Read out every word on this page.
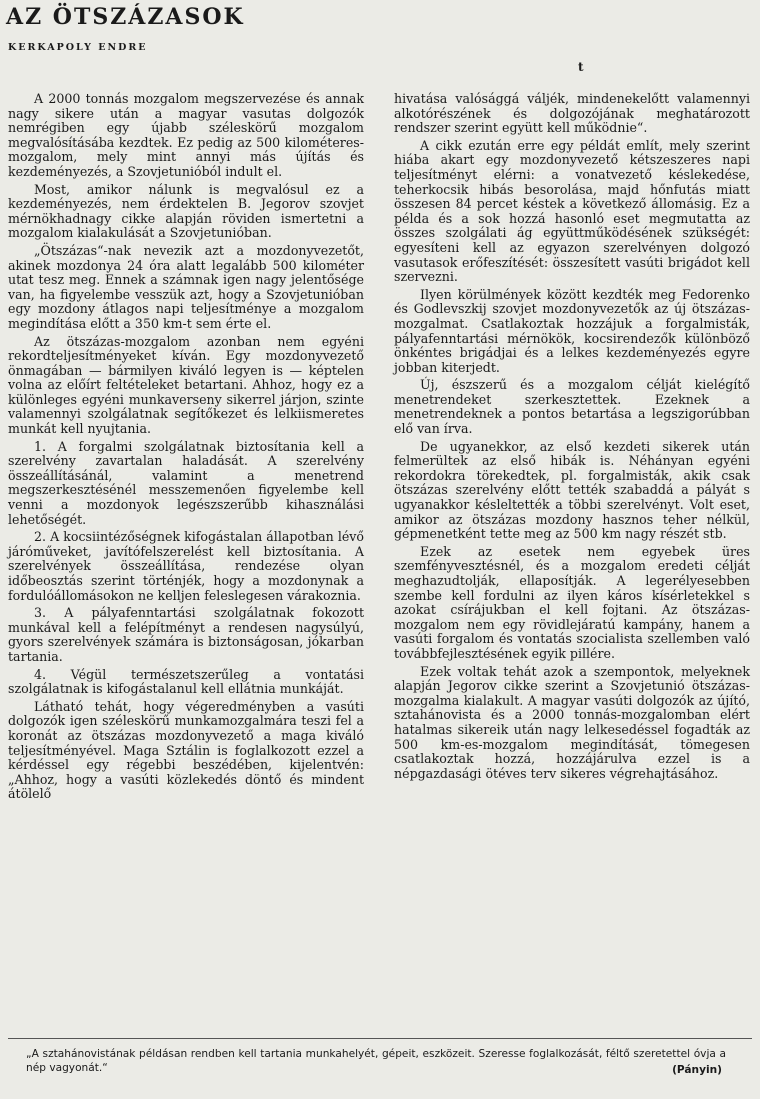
AZ ÖTSZÁZASOK
KERKAPOLY ENDRE
t

A 2000 tonnás mozgalom megszervezése és annak nagy sikere után a magyar vasutas dolgozók nemrégiben egy újabb széleskörű mozgalom megvalósításába kezdtek. Ez pedig az 500 kilométeres-mozgalom, mely mint annyi más újítás és kezdeményezés, a Szovjetunióból indult el.

Most, amikor nálunk is megvalósul ez a kezdeményezés, nem érdektelen B. Jegorov szovjet mérnökhadnagy cikke alapján röviden ismertetni a mozgalom kialakulását a Szovjetunióban.

„Ötszázas“-nak nevezik azt a mozdonyvezetőt, akinek mozdonya 24 óra alatt legalább 500 kilométer utat tesz meg. Ennek a számnak igen nagy jelentősége van, ha figyelembe vesszük azt, hogy a Szovjetunióban egy mozdony átlagos napi teljesítménye a mozgalom megindítása előtt a 350 km-t sem érte el.

Az ötszázas-mozgalom azonban nem egyéni rekordteljesítményeket kíván. Egy mozdonyvezető önmagában — bármilyen kiváló legyen is — képtelen volna az előírt feltételeket betartani. Ahhoz, hogy ez a különleges egyéni munkaverseny sikerrel járjon, szinte valamennyi szolgálatnak segítőkezet és lelkiismeretes munkát kell nyujtania.

1. A forgalmi szolgálatnak biztosítania kell a szerelvény zavartalan haladását. A szerelvény összeállításánál, valamint a menetrend megszerkesztésénél messzemenően figyelembe kell venni a mozdonyok legészszerűbb kihasználási lehetőségét.

2. A kocsiintézőségnek kifogástalan állapotban lévő járóműveket, javítófelszerelést kell biztosítania. A szerelvények összeállítása, rendezése olyan időbeosztás szerint történjék, hogy a mozdonynak a fordulóállomásokon ne kelljen feleslegesen várakoznia.

3. A pályafenntartási szolgálatnak fokozott munkával kell a felépítményt a rendesen nagysúlyú, gyors szerelvények számára is biztonságosan, jókarban tartania.

4. Végül természetszerűleg a vontatási szolgálatnak is kifogástalanul kell ellátnia munkáját.

Látható tehát, hogy végeredményben a vasúti dolgozók igen széleskörű munkamozgalmára teszi fel a koronát az ötszázas mozdonyvezető a maga kiváló teljesítményével. Maga Sztálin is foglalkozott ezzel a kérdéssel egy régebbi beszédében, kijelentvén: „Ahhoz, hogy a vasúti közlekedés döntő és mindent átölelő

hivatása valósággá váljék, mindenekelőtt valamennyi alkotórészének és dolgozójának meghatározott rendszer szerint együtt kell működnie“.

A cikk ezután erre egy példát említ, mely szerint hiába akart egy mozdonyvezető kétszeszeres napi teljesítményt elérni: a vonatvezető késlekedése, teherkocsik hibás besorolása, majd hőnfutás miatt összesen 84 percet késtek a következő állomásig. Ez a példa és a sok hozzá hasonló eset megmutatta az összes szolgálati ág együttműködésének szükségét: egyesíteni kell az egyazon szerelvényen dolgozó vasutasok erőfeszítését: összesített vasúti brigádot kell szervezni.

Ilyen körülmények között kezdték meg Fedorenko és Godlevszkij szovjet mozdonyvezetők az új ötszázas-mozgalmat. Csatlakoztak hozzájuk a forgalmisták, pályafenntartási mérnökök, kocsirendezők különböző önkéntes brigádjai és a lelkes kezdeményezés egyre jobban kiterjedt.

Új, észszerű és a mozgalom célját kielégítő menetrendeket szerkesztettek. Ezeknek a menetrendeknek a pontos betartása a legszigorúbban elő van írva.

De ugyanekkor, az első kezdeti sikerek után felmerültek az első hibák is. Néhányan egyéni rekordokra törekedtek, pl. forgalmisták, akik csak ötszázas szerelvény előtt tették szabaddá a pályát s ugyanakkor késleltették a többi szerelvényt. Volt eset, amikor az ötszázas mozdony hasznos teher nélkül, gépmenetként tette meg az 500 km nagy részét stb.

Ezek az esetek nem egyebek üres szemfényvesztésnél, és a mozgalom eredeti célját meghazudtolják, ellaposítják. A legerélyesebben szembe kell fordulni az ilyen káros kísérletekkel s azokat csírájukban el kell fojtani. Az ötszázas-mozgalom nem egy rövidlejáratú kampány, hanem a vasúti forgalom és vontatás szocialista szellemben való továbbfejlesztésének egyik pillére.

Ezek voltak tehát azok a szempontok, melyeknek alapján Jegorov cikke szerint a Szovjetunió ötszázas-mozgalma kialakult. A magyar vasúti dolgozók az újító, sztahánovista és a 2000 tonnás-mozgalomban elért hatalmas sikereik után nagy lelkesedéssel fogadták az 500 km-es-mozgalom megindítását, tömegesen csatlakoztak hozzá, hozzájárulva ezzel is a népgazdasági ötéves terv sikeres végrehajtásához.

„A sztahánovistának példásan rendben kell tartania munkahelyét, gépeit, eszközeit. Szeresse foglalkozását, féltő szeretettel óvja a nép vagyonát.“	(Pányin)
